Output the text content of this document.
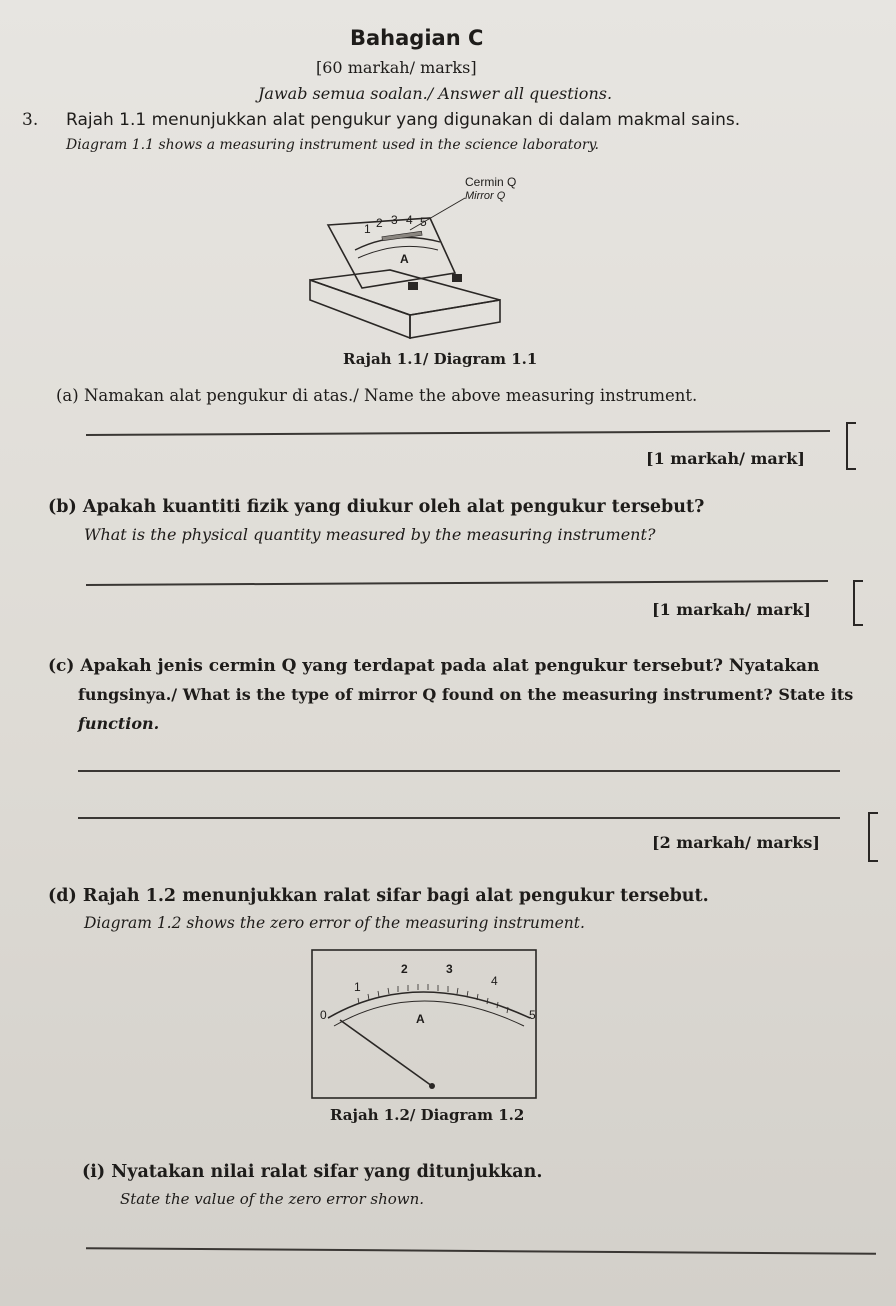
Bahagian C
[60 markah/ marks]
Jawab semua soalan./ Answer all questions.
3. Rajah 1.1 menunjukkan alat pengukur yang digunakan di dalam makmal sains.
Diagram 1.1 shows a measuring instrument used in the science laboratory.
Cermin Q
Mirror Q
1 2 3 4 5
A
Rajah 1.1/ Diagram 1.1
(a) Namakan alat pengukur di atas./ Name the above measuring instrument.
[1 markah/ mark]
(b) Apakah kuantiti fizik yang diukur oleh alat pengukur tersebut?
What is the physical quantity measured by the measuring instrument?
[1 markah/ mark]
(c) Apakah jenis cermin Q yang terdapat pada alat pengukur tersebut? Nyatakan
fungsinya./ What is the type of mirror Q found on the measuring instrument? State its
function.
[2 markah/ marks]
(d) Rajah 1.2 menunjukkan ralat sifar bagi alat pengukur tersebut.
Diagram 1.2 shows the zero error of the measuring instrument.
0
1
2	3
4
5
A
Rajah 1.2/ Diagram 1.2
(i) Nyatakan nilai ralat sifar yang ditunjukkan.
State the value of the zero error shown.
